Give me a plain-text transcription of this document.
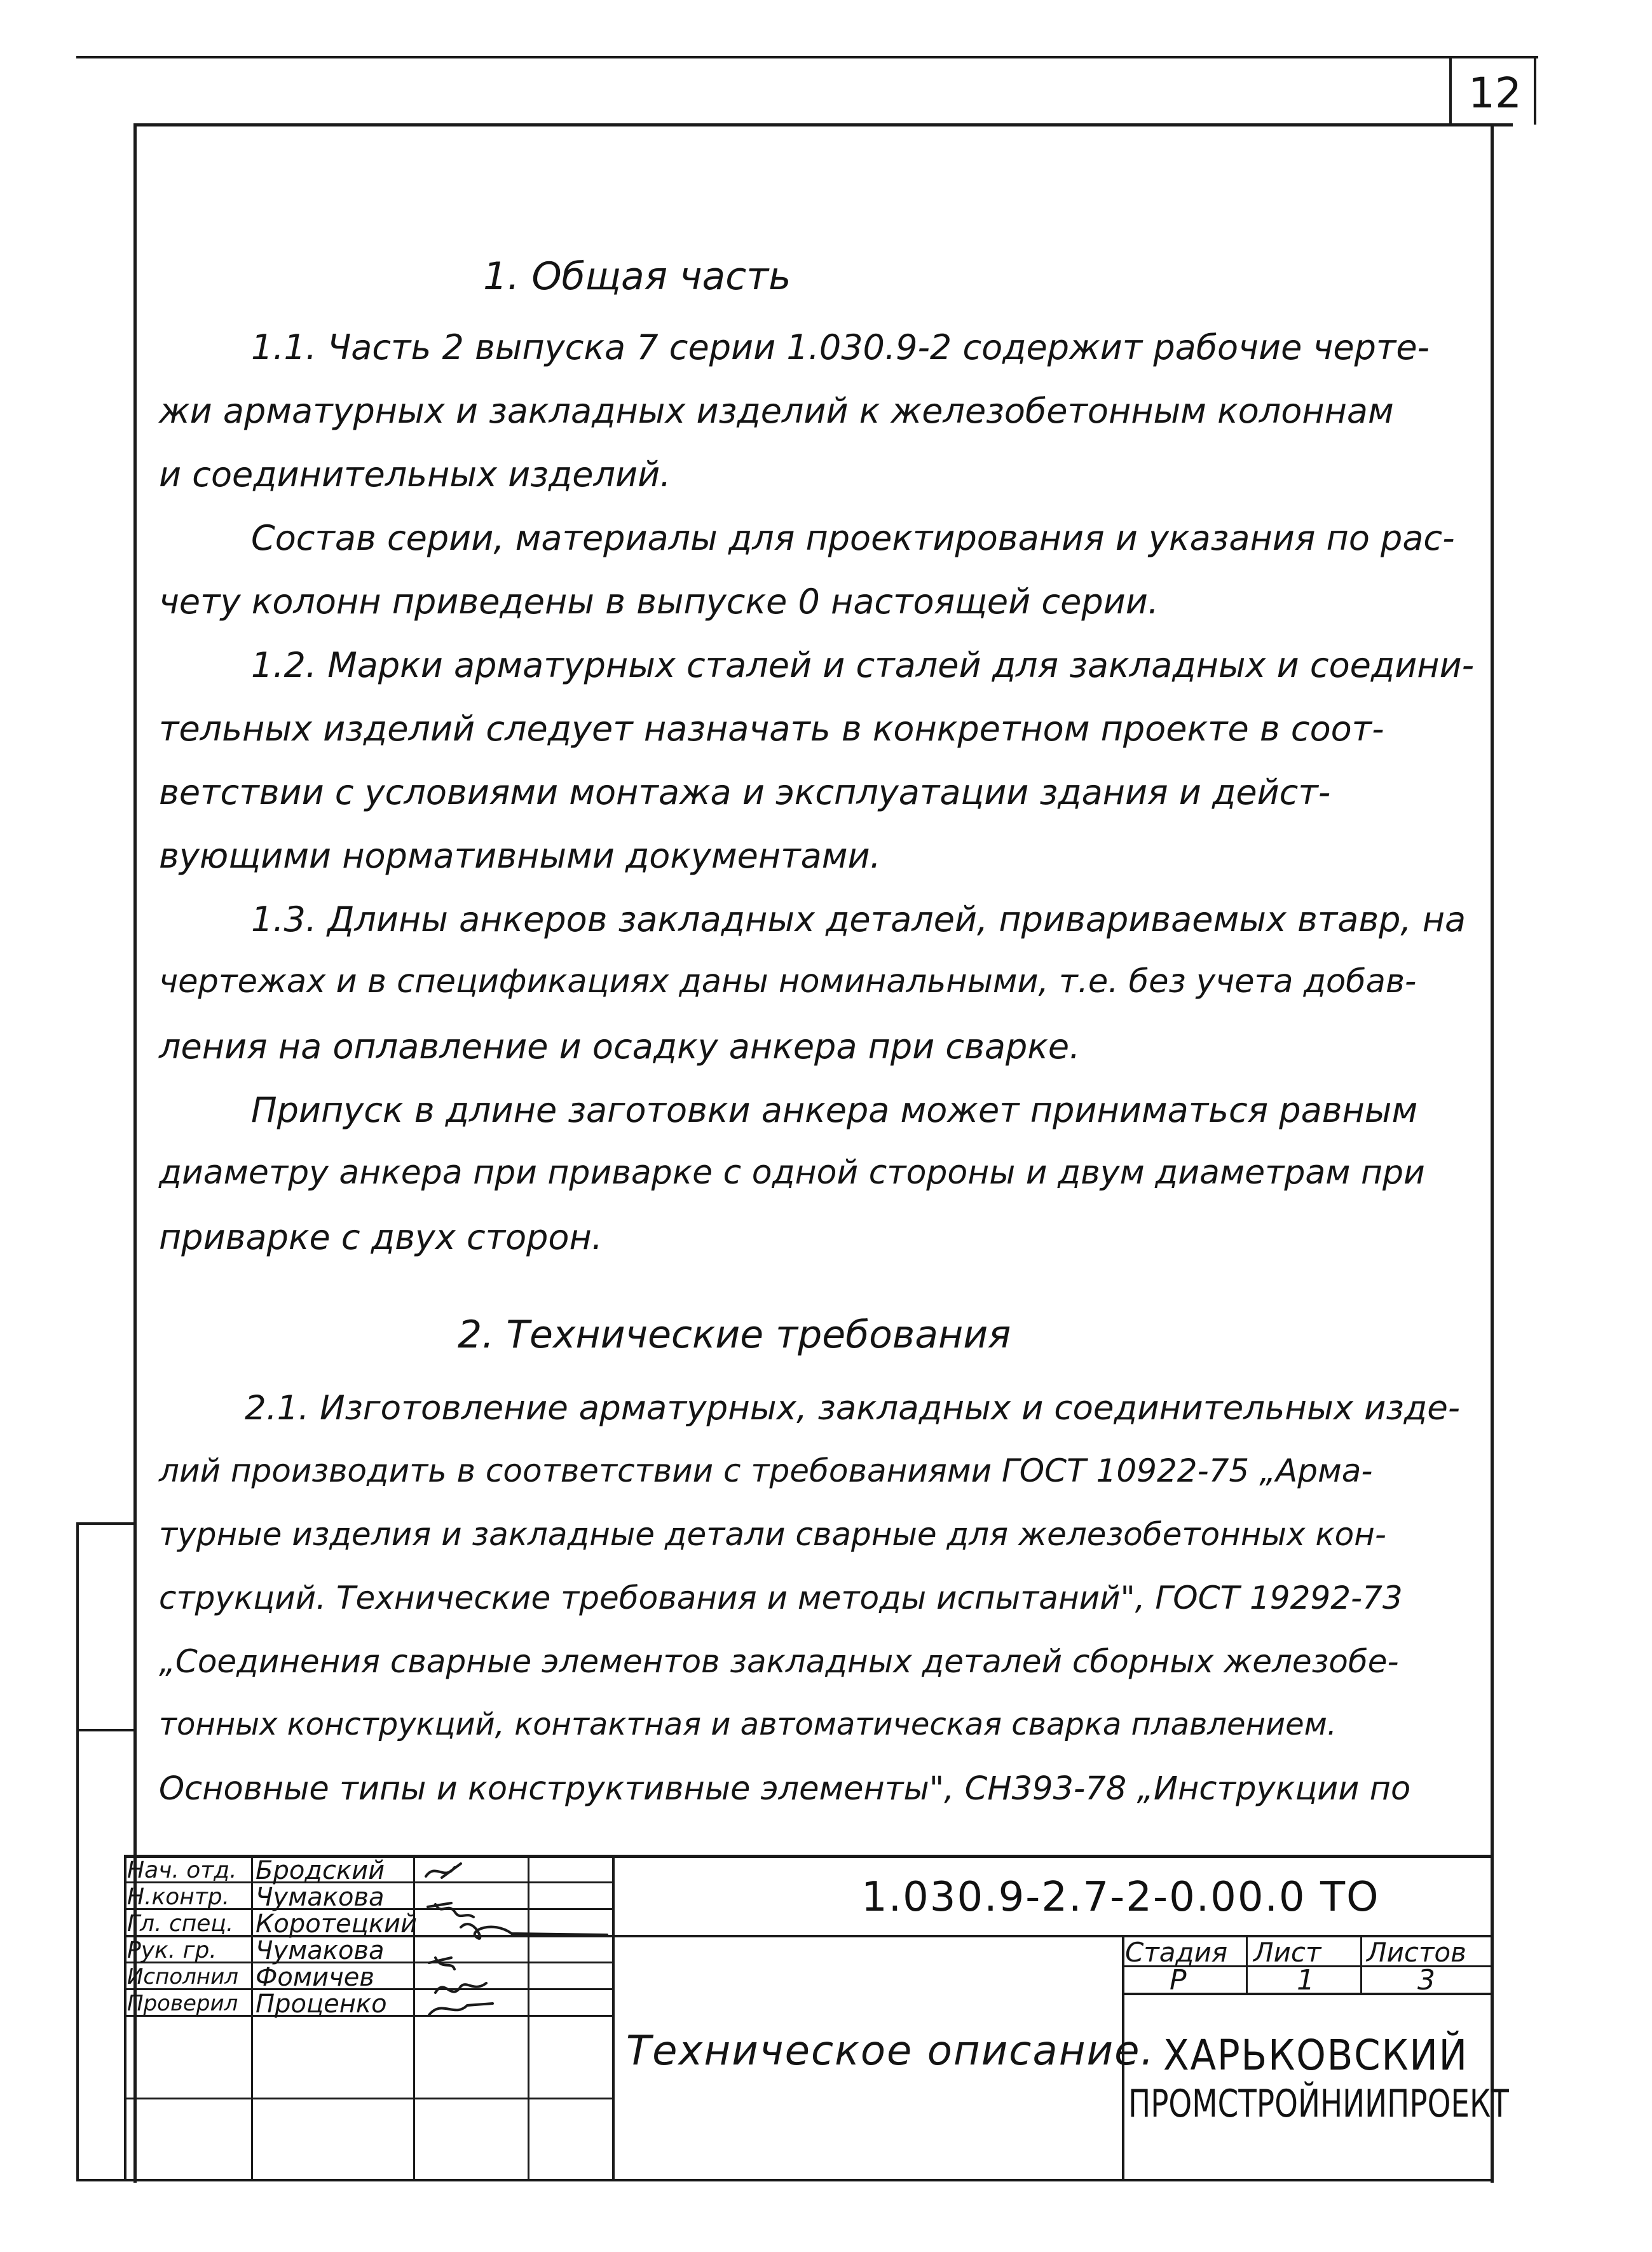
12
1. Общая часть
1.1. Часть 2 выпуска 7 серии 1.030.9-2 содержит рабочие черте-
жи арматурных и закладных изделий к железобетонным колоннам
и соединительных изделий.
Состав серии, материалы для проектирования и указания по рас-
чету колонн приведены в выпуске 0 настоящей серии.
1.2. Марки арматурных сталей и сталей для закладных и соедини-
тельных изделий следует назначать в конкретном проекте в соот-
ветствии с условиями монтажа и эксплуатации здания и дейст-
вующими нормативными документами.
1.3. Длины анкеров закладных деталей, приваривaемых втавр, на
чертежах и в спецификациях даны номинальными, т.е. без учета добав-
ления на оплавление и осадку анкера при сварке.
Припуск в длине заготовки анкера может приниматься равным
диаметру анкера при приварке с одной стороны и двум диаметрам при
приварке с двух сторон.
2. Технические требования
2.1. Изготовление арматурных, закладных и соединительных изде-
лий производить в соответствии с требованиями ГОСТ 10922-75 „Арма-
турные изделия и закладные детали сварные для железобетонных кон-
струкций. Технические требования и методы испытаний", ГОСТ 19292-73
„Соединения сварные элементов закладных деталей сборных железобе-
тонных конструкций, контактная и автоматическая сварка плавлением.
Основные типы и конструктивные элементы", СН393-78 „Инструкции по
Нач. отд. Бродский
Н.контр. Чумакова
Гл. спец. Коротецкий
Рук. гр. Чумакова
Исполнил Фомичев
Проверил Проценко
1.030.9-2.7-2-0.00.0 ТО
Техническое описание.
Стадия Лист Листов
Р	1	3
ХАРЬКОВСКИЙ
ПРОМСТРОЙНИИПРОЕКТ
